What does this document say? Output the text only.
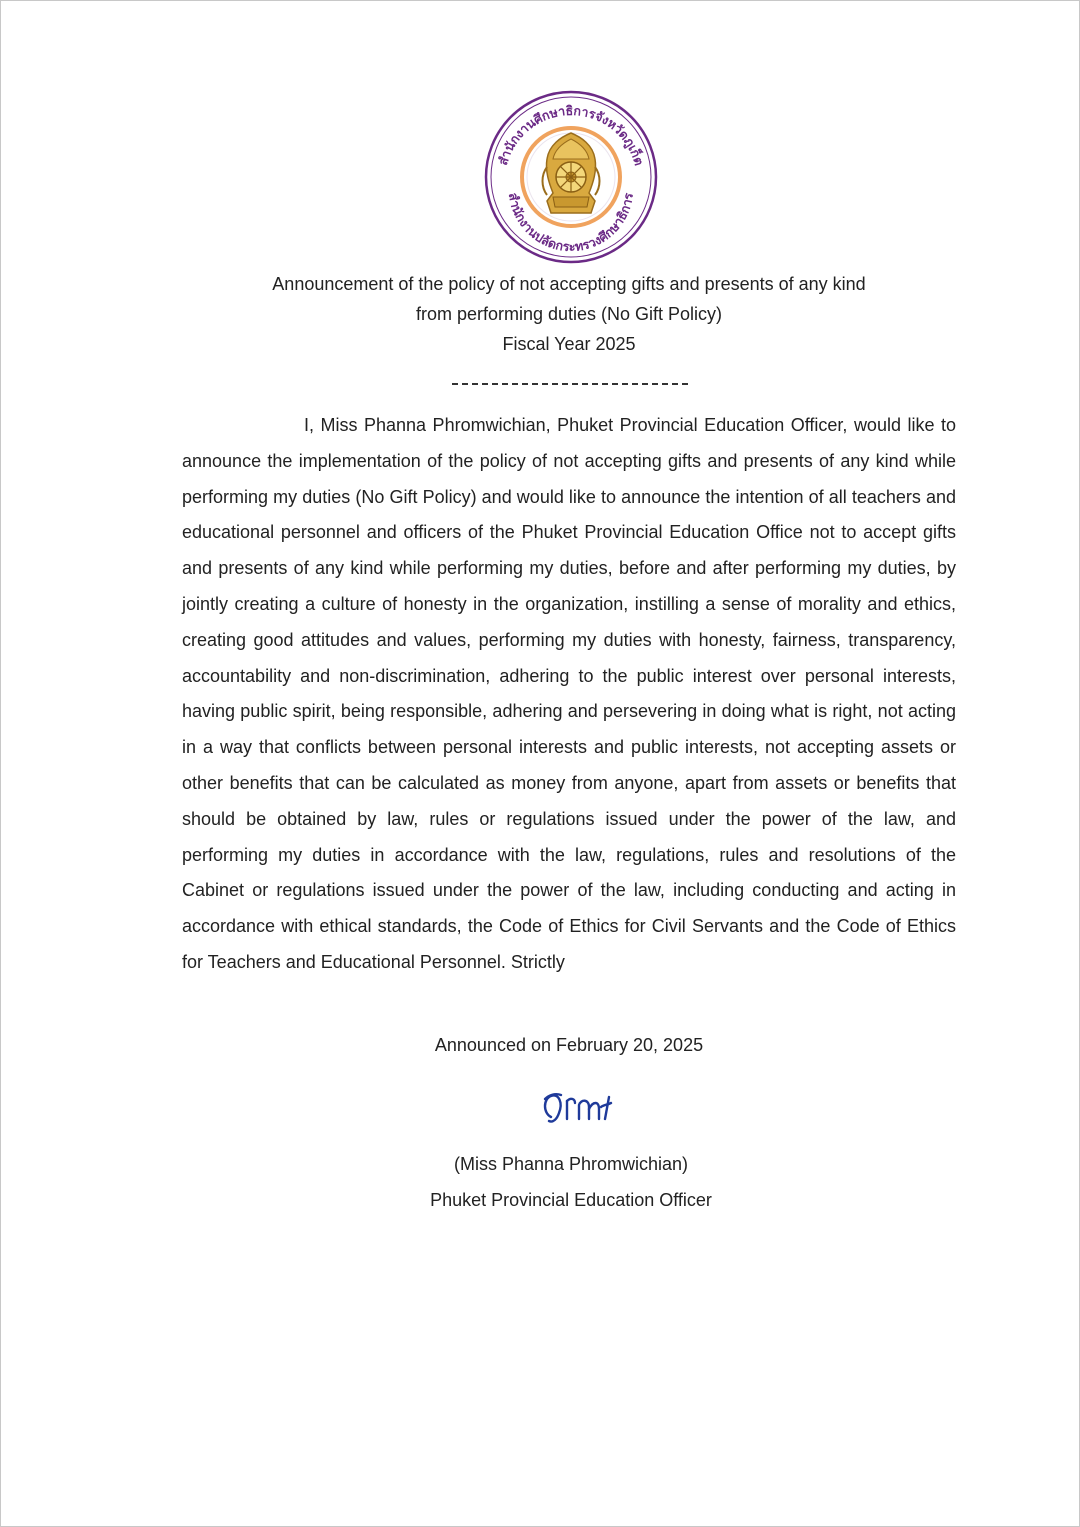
สำนักงานศึกษาธิการจังหวัดภูเก็ต
สำนักงานปลัดกระทรวงศึกษาธิการ
Announcement of the policy of not accepting gifts and presents of any kind
from performing duties (No Gift Policy)
Fiscal Year 2025

I, Miss Phanna Phromwichian, Phuket Provincial Education Officer, would like to announce the implementation of the policy of not accepting gifts and presents of any kind while performing my duties (No Gift Policy) and would like to announce the intention of all teachers and educational personnel and officers of the Phuket Provincial Education Office not to accept gifts and presents of any kind while performing my duties, before and after performing my duties, by jointly creating a culture of honesty in the organization, instilling a sense of morality and ethics, creating good attitudes and values, performing my duties with honesty, fairness, transparency, accountability and non-discrimination, adhering to the public interest over personal interests, having public spirit, being responsible, adhering and persevering in doing what is right, not acting in a way that conflicts between personal interests and public interests, not accepting assets or other benefits that can be calculated as money from anyone, apart from assets or benefits that should be obtained by law, rules or regulations issued under the power of the law, and performing my duties in accordance with the law, regulations, rules and resolutions of the Cabinet or regulations issued under the power of the law, including conducting and acting in accordance with ethical standards, the Code of Ethics for Civil Servants and the Code of Ethics for Teachers and Educational Personnel. Strictly

Announced on February 20, 2025
(Miss Phanna Phromwichian)
Phuket Provincial Education Officer
